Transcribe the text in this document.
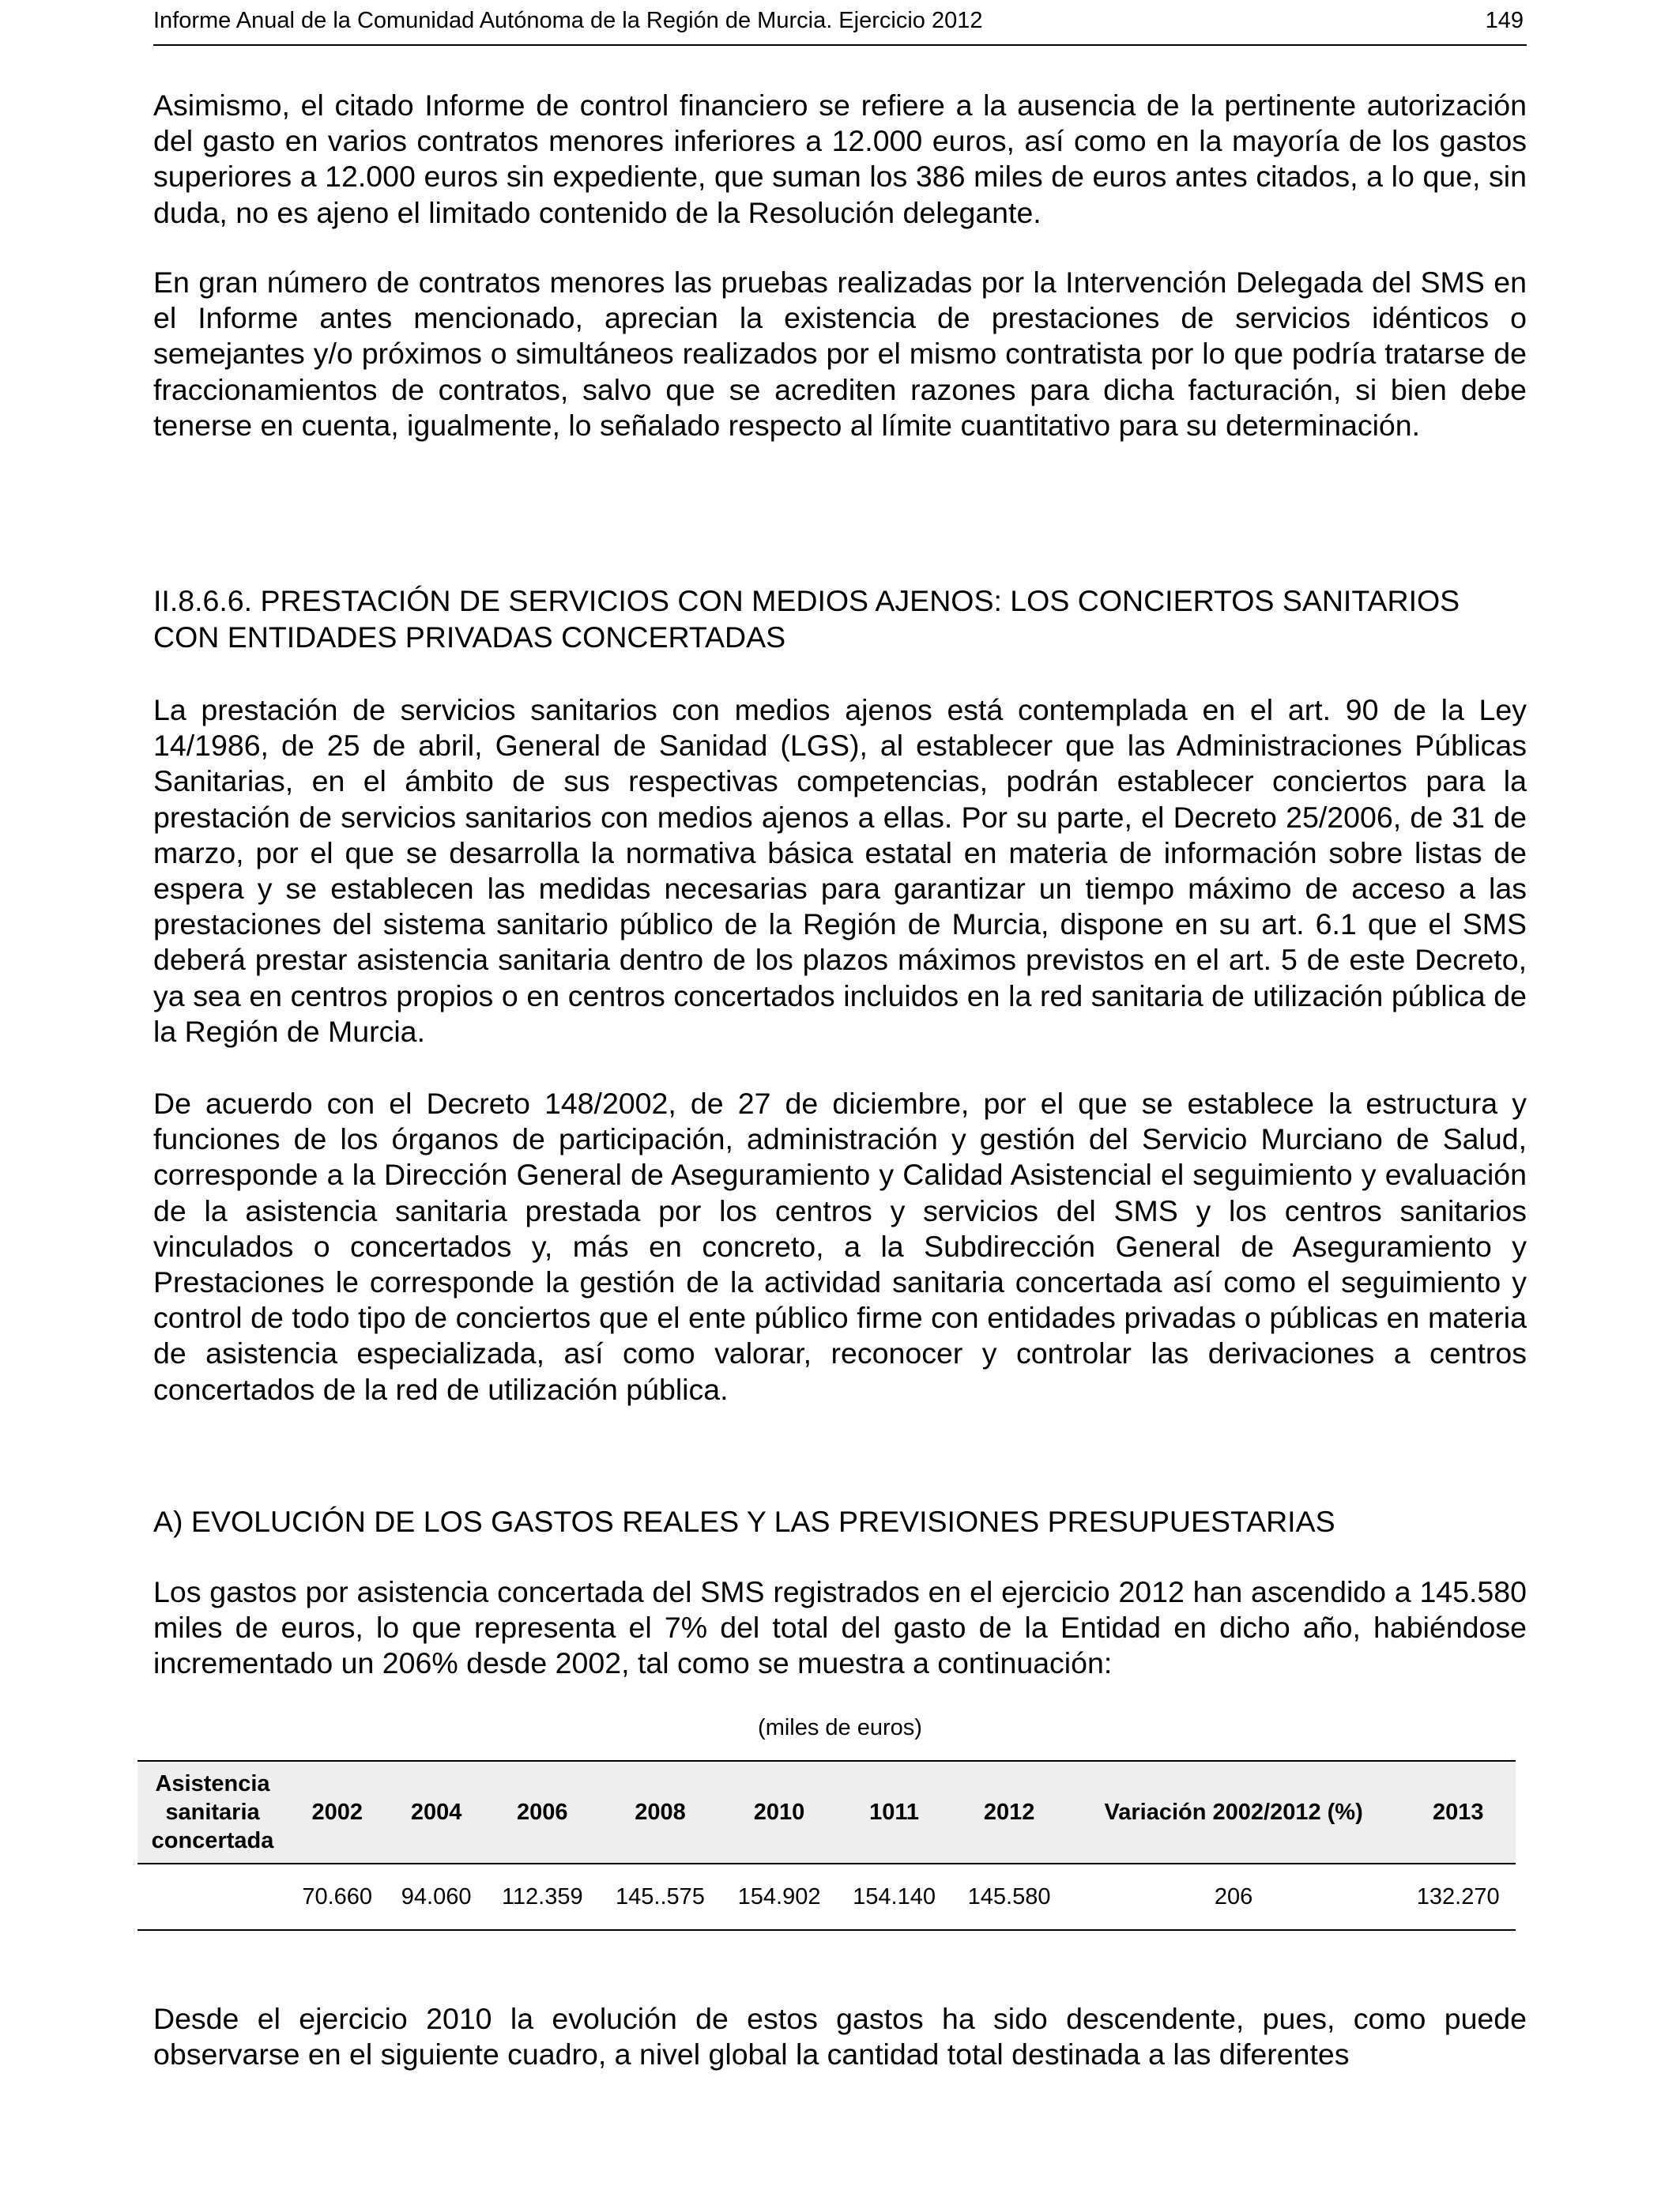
Informe Anual de la Comunidad Autónoma de la Región de Murcia. Ejercicio 2012	149

Asimismo, el citado Informe de control financiero se refiere a la ausencia de la pertinente autorización del gasto en varios contratos menores inferiores a 12.000 euros, así como en la mayoría de los gastos superiores a 12.000 euros sin expediente, que suman los 386 miles de euros antes citados, a lo que, sin duda, no es ajeno el limitado contenido de la Resolución delegante.

En gran número de contratos menores las pruebas realizadas por la Intervención Delegada del SMS en el Informe antes mencionado, aprecian la existencia de prestaciones de servicios idénticos o semejantes y/o próximos o simultáneos realizados por el mismo contratista por lo que podría tratarse de fraccionamientos de contratos, salvo que se acrediten razones para dicha facturación, si bien debe tenerse en cuenta, igualmente, lo señalado respecto al límite cuantitativo para su determinación.

II.8.6.6. PRESTACIÓN DE SERVICIOS CON MEDIOS AJENOS: LOS CONCIERTOS SANITARIOS CON ENTIDADES PRIVADAS CONCERTADAS

La prestación de servicios sanitarios con medios ajenos está contemplada en el art. 90 de la Ley 14/1986, de 25 de abril, General de Sanidad (LGS), al establecer que las Administraciones Públicas Sanitarias, en el ámbito de sus respectivas competencias, podrán establecer conciertos para la prestación de servicios sanitarios con medios ajenos a ellas. Por su parte, el Decreto 25/2006, de 31 de marzo, por el que se desarrolla la normativa básica estatal en materia de información sobre listas de espera y se establecen las medidas necesarias para garantizar un tiempo máximo de acceso a las prestaciones del sistema sanitario público de la Región de Murcia, dispone en su art. 6.1 que el SMS deberá prestar asistencia sanitaria dentro de los plazos máximos previstos en el art. 5 de este Decreto, ya sea en centros propios o en centros concertados incluidos en la red sanitaria de utilización pública de la Región de Murcia.

De acuerdo con el Decreto 148/2002, de 27 de diciembre, por el que se establece la estructura y funciones de los órganos de participación, administración y gestión del Servicio Murciano de Salud, corresponde a la Dirección General de Aseguramiento y Calidad Asistencial el seguimiento y evaluación de la asistencia sanitaria prestada por los centros y servicios del SMS y los centros sanitarios vinculados o concertados y, más en concreto, a la Subdirección General de Aseguramiento y Prestaciones le corresponde la gestión de la actividad sanitaria concertada así como el seguimiento y control de todo tipo de conciertos que el ente público firme con entidades privadas o públicas en materia de asistencia especializada, así como valorar, reconocer y controlar las derivaciones a centros concertados de la red de utilización pública.

A) EVOLUCIÓN DE LOS GASTOS REALES Y LAS PREVISIONES PRESUPUESTARIAS

Los gastos por asistencia concertada del SMS registrados en el ejercicio 2012 han ascendido a 145.580 miles de euros, lo que representa el 7% del total del gasto de la Entidad en dicho año, habiéndose incrementado un 206% desde 2002, tal como se muestra a continuación:

(miles de euros)
Asistencia sanitaria concertada	2002	2004	2006	2008	2010	1011	2012	Variación 2002/2012 (%)	2013
	70.660	94.060	112.359	145..575	154.902	154.140	145.580	206	132.270

Desde el ejercicio 2010 la evolución de estos gastos ha sido descendente, pues, como puede observarse en el siguiente cuadro, a nivel global la cantidad total destinada a las diferentes
